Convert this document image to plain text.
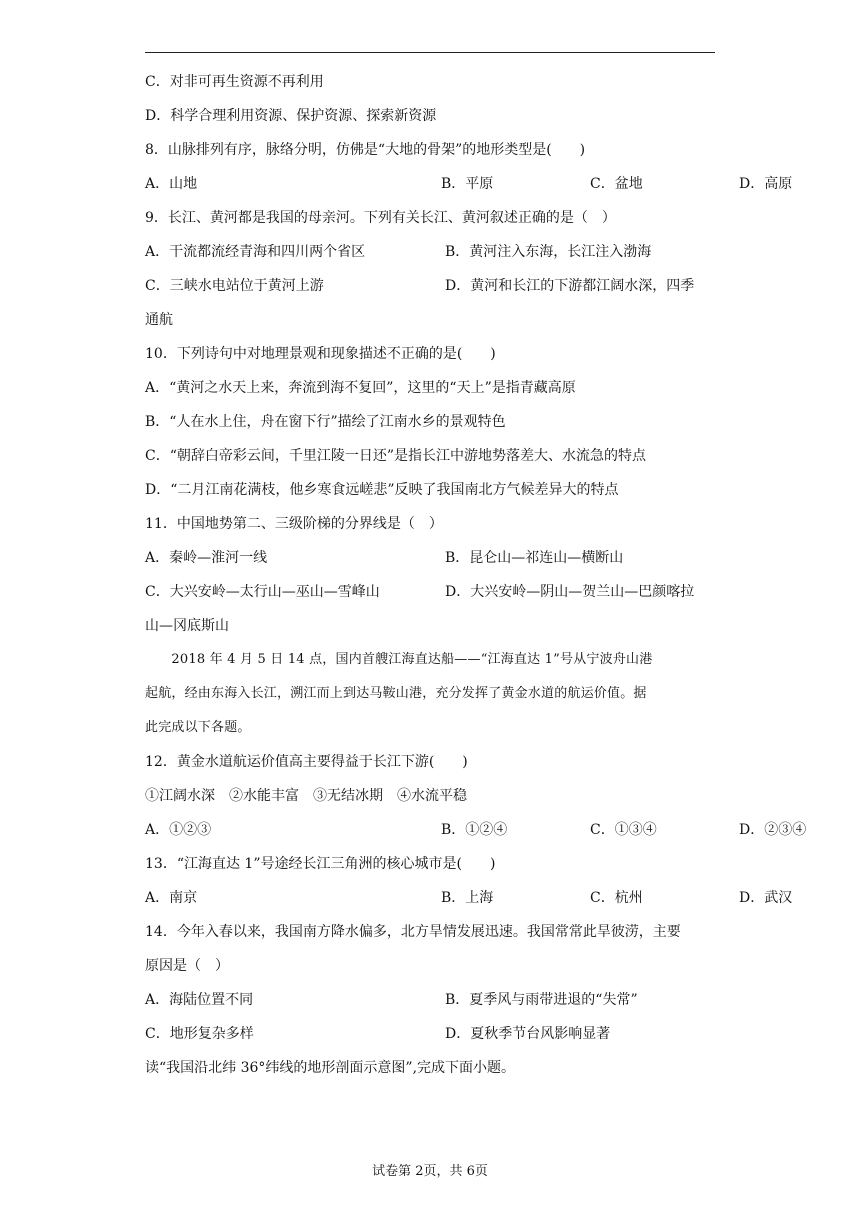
C．对非可再生资源不再利用
D．科学合理利用资源、保护资源、探索新资源
8．山脉排列有序，脉络分明，仿佛是“大地的骨架”的地形类型是(　　)
A．山地	B．平原	C．盆地	D．高原
9．长江、黄河都是我国的母亲河。下列有关长江、黄河叙述正确的是（　）
A．干流都流经青海和四川两个省区	B．黄河注入东海，长江注入渤海
C．三峡水电站位于黄河上游	D．黄河和长江的下游都江阔水深，四季
通航
10．下列诗句中对地理景观和现象描述不正确的是(　　)
A．“黄河之水天上来，奔流到海不复回”，这里的“天上”是指青藏高原
B．“人在水上住，舟在窗下行”描绘了江南水乡的景观特色
C．“朝辞白帝彩云间，千里江陵一日还”是指长江中游地势落差大、水流急的特点
D．“二月江南花满枝，他乡寒食远嵯悲”反映了我国南北方气候差异大的特点
11．中国地势第二、三级阶梯的分界线是（　）
A．秦岭—淮河一线	B．昆仑山—祁连山—横断山
C．大兴安岭—太行山—巫山—雪峰山	D．大兴安岭—阴山—贺兰山—巴颜喀拉
山—冈底斯山
　　2018 年 4 月 5 日 14 点，国内首艘江海直达船——“江海直达 1”号从宁波舟山港
起航，经由东海入长江，溯江而上到达马鞍山港，充分发挥了黄金水道的航运价值。据
此完成以下各题。
12．黄金水道航运价值高主要得益于长江下游(　　)
①江阔水深　②水能丰富　③无结冰期　④水流平稳
A．①②③	B．①②④	C．①③④	D．②③④
13．“江海直达 1”号途经长江三角洲的核心城市是(　　)
A．南京	B．上海	C．杭州	D．武汉
14．今年入春以来，我国南方降水偏多，北方旱情发展迅速。我国常常此旱彼涝，主要
原因是（　）
A．海陆位置不同	B．夏季风与雨带进退的“失常”
C．地形复杂多样	D．夏秋季节台风影响显著
读“我国沿北纬 36°纬线的地形剖面示意图”,完成下面小题。
试卷第 2页，共 6页
